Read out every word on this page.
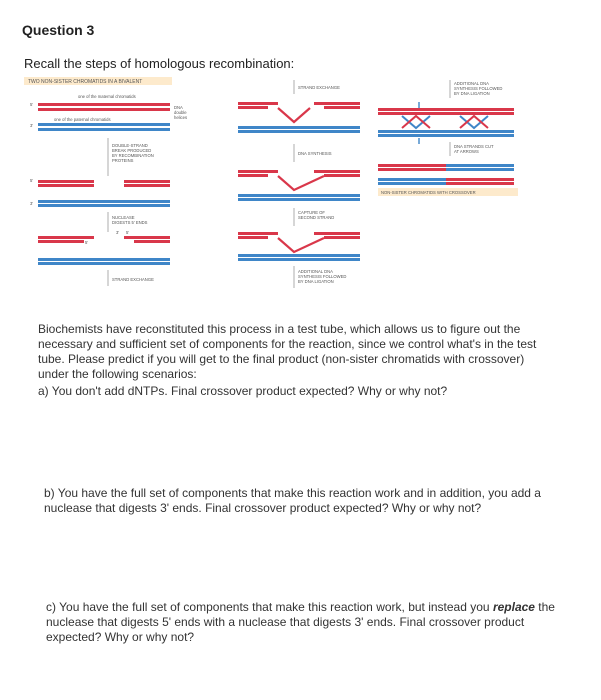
Question 3
Recall the steps of homologous recombination:
TWO NON-SISTER CHROMATIDS IN A BIVALENT
one of the maternal chromatids
DNA
double
helices
one of the paternal chromatids
5'
3'
DOUBLE-STRAND
BREAK PRODUCED
BY RECOMBINATION
PROTEINS
5'
3'
NUCLEASE
DIGESTS 5' ENDS
5'
3' 5'
STRAND EXCHANGE
STRAND EXCHANGE
DNA SYNTHESIS
CAPTURE OF
SECOND STRAND
ADDITIONAL DNA
SYNTHESIS FOLLOWED
BY DNA LIGATION
ADDITIONAL DNA
SYNTHESIS FOLLOWED
BY DNA LIGATION
DNA STRANDS CUT
AT ARROWS
NON-SISTER CHROMATIDS WITH CROSSOVER
Biochemists have reconstituted this process in a test tube, which allows us to figure out the necessary and sufficient set of components for the reaction, since we control what's in the test tube. Please predict if you will get to the final product (non-sister chromatids with crossover) under the following scenarios:
a) You don't add dNTPs. Final crossover product expected? Why or why not?
b) You have the full set of components that make this reaction work and in addition, you add a nuclease that digests 3' ends. Final crossover product expected? Why or why not?
c) You have the full set of components that make this reaction work, but instead you replace the nuclease that digests 5' ends with a nuclease that digests 3' ends. Final crossover product expected? Why or why not?
